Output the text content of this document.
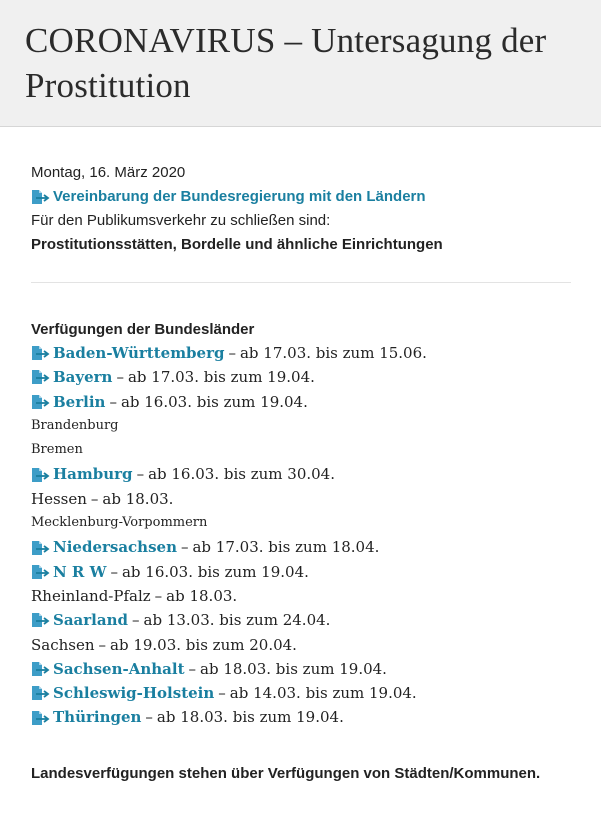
CORONAVIRUS – Untersagung der Prostitution
Montag, 16. März 2020
Vereinbarung der Bundesregierung mit den Ländern
Für den Publikumsverkehr zu schließen sind:
Prostitutionsstätten, Bordelle und ähnliche Einrichtungen
Verfügungen der Bundesländer
Baden-Württemberg – ab 17.03. bis zum 15.06.
Bayern – ab 17.03. bis zum 19.04.
Berlin – ab 16.03. bis zum 19.04.
Brandenburg
Bremen
Hamburg – ab 16.03. bis zum 30.04.
Hessen – ab 18.03.
Mecklenburg-Vorpommern
Niedersachsen – ab 17.03. bis zum 18.04.
N R W – ab 16.03. bis zum 19.04.
Rheinland-Pfalz – ab 18.03.
Saarland – ab 13.03. bis zum 24.04.
Sachsen – ab 19.03. bis zum 20.04.
Sachsen-Anhalt – ab 18.03. bis zum 19.04.
Schleswig-Holstein – ab 14.03. bis zum 19.04.
Thüringen – ab 18.03. bis zum 19.04.
Landesverfügungen stehen über Verfügungen von Städten/Kommunen.
